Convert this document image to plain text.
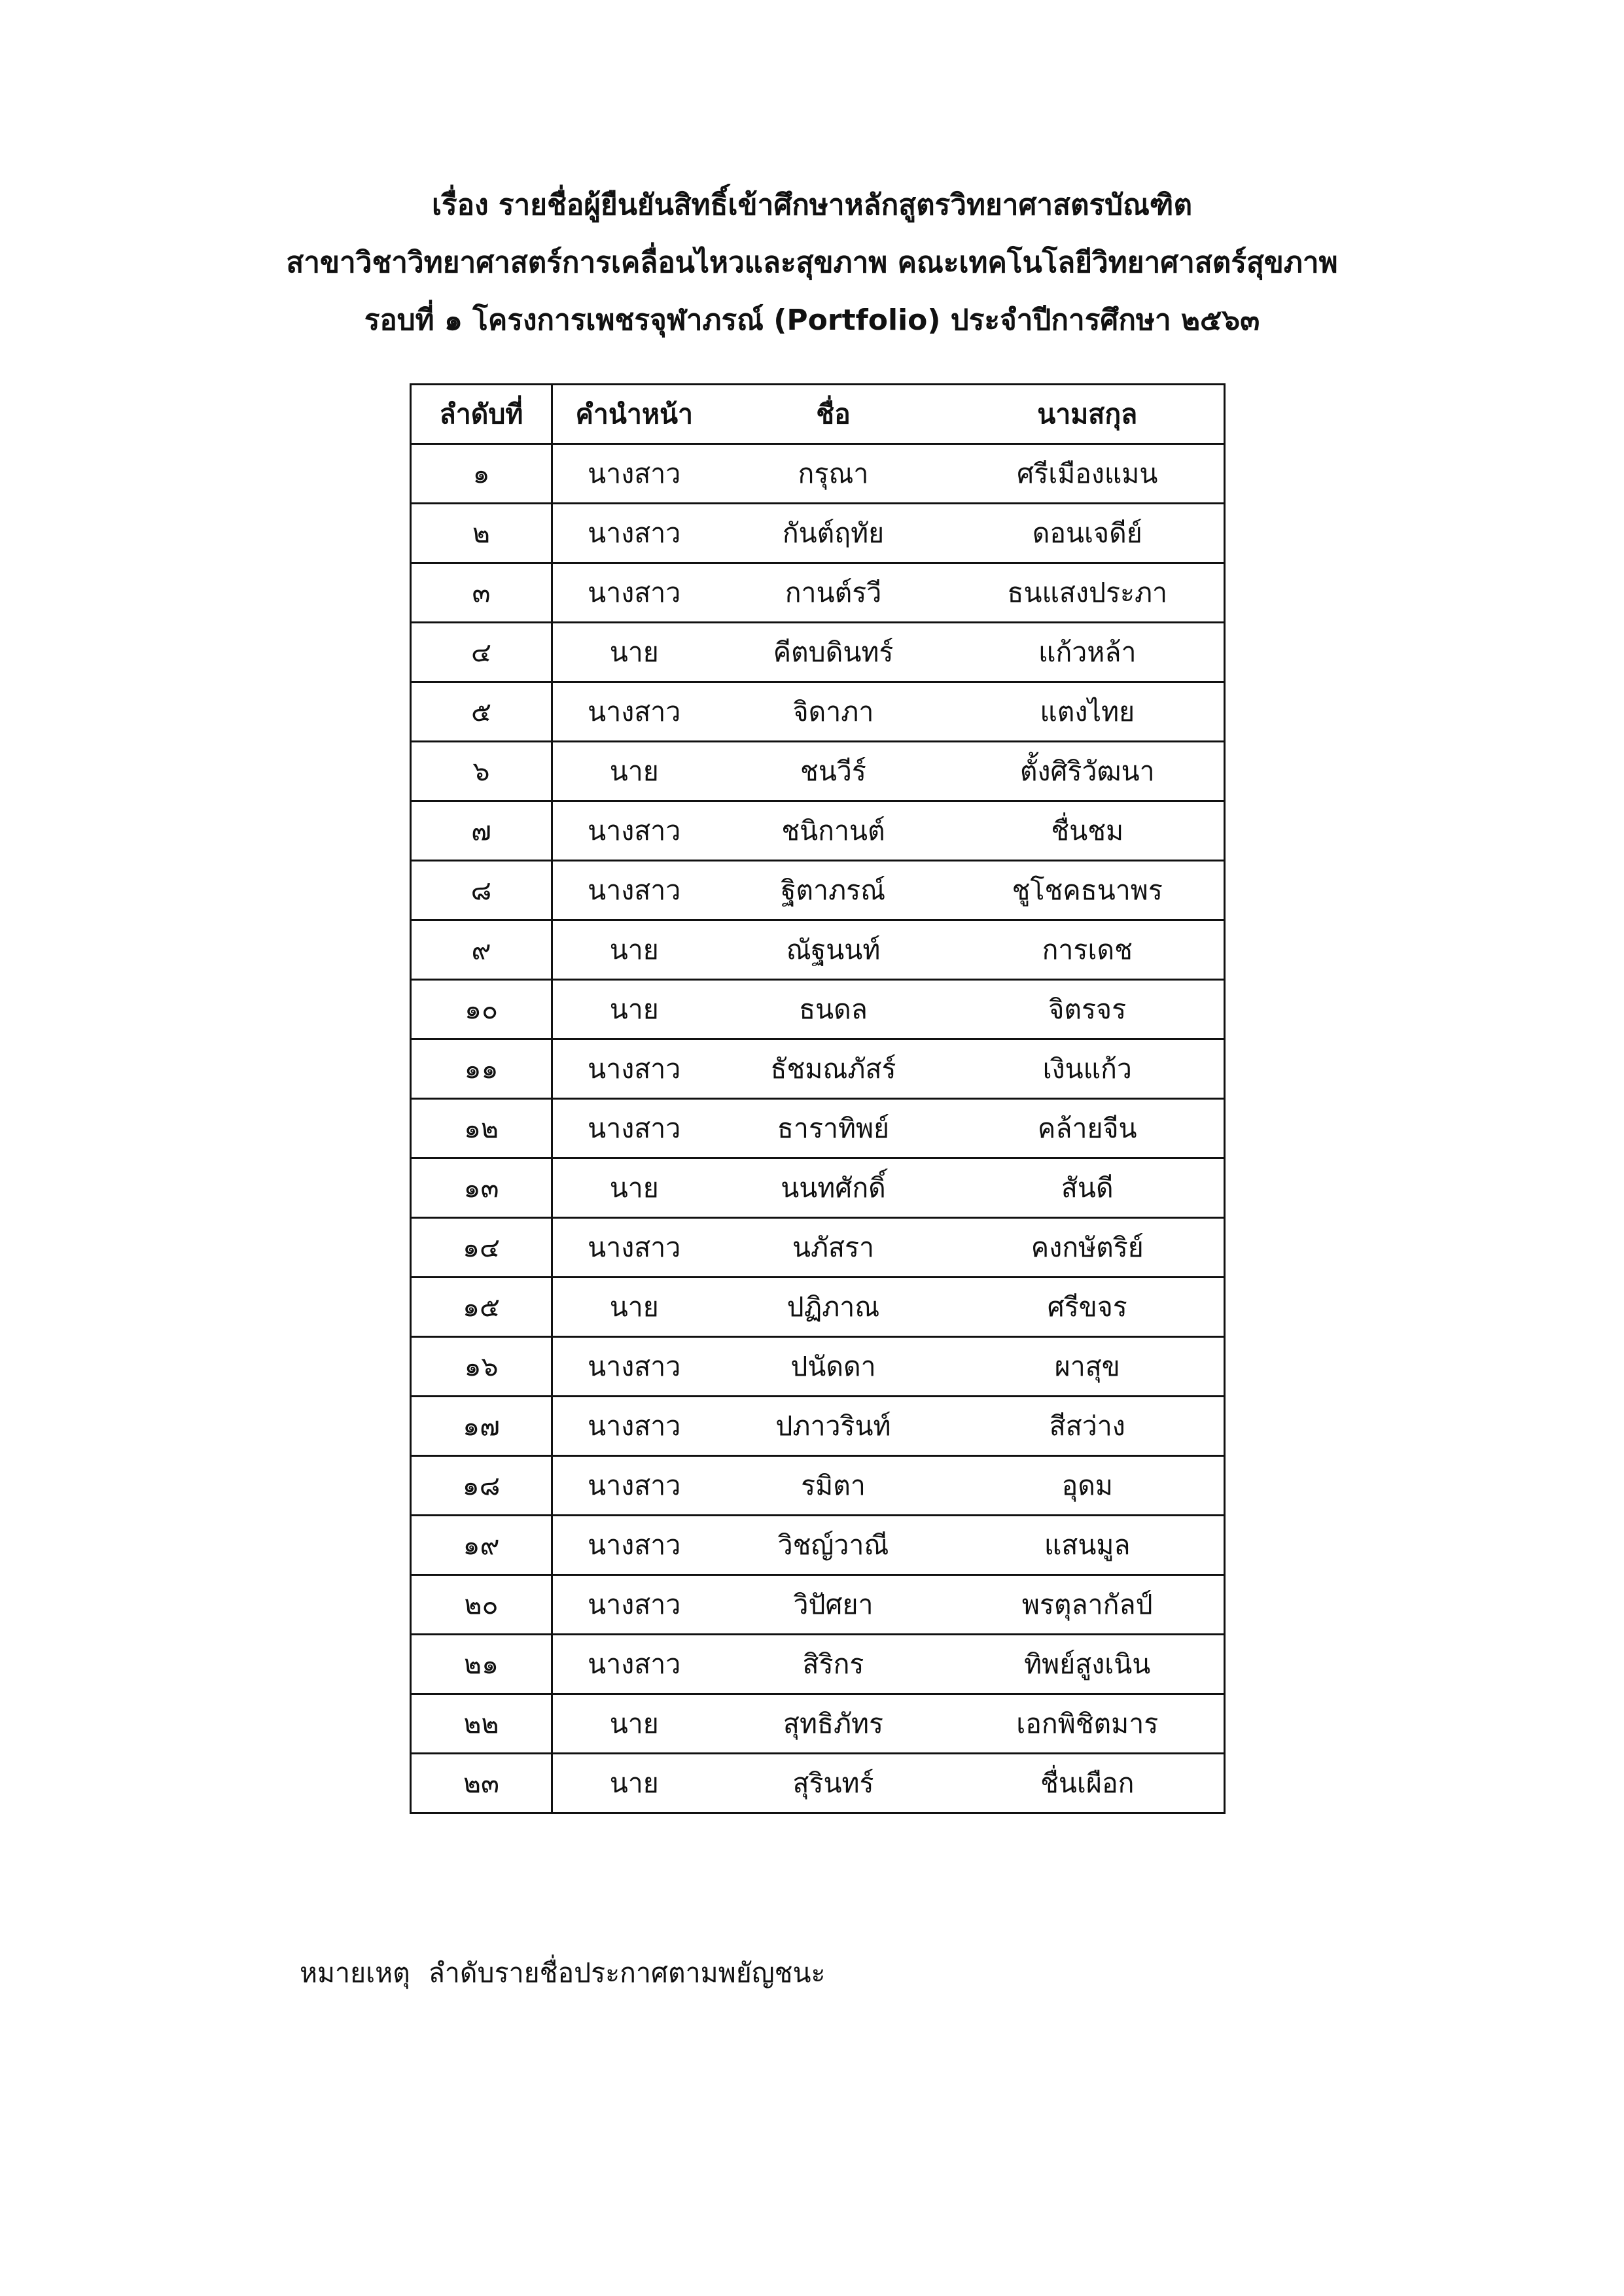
เรื่อง รายชื่อผู้ยืนยันสิทธิ์เข้าศึกษาหลักสูตรวิทยาศาสตรบัณฑิต
สาขาวิชาวิทยาศาสตร์การเคลื่อนไหวและสุขภาพ คณะเทคโนโลยีวิทยาศาสตร์สุขภาพ
รอบที่ ๑ โครงการเพชรจุฬาภรณ์ (Portfolio) ประจำปีการศึกษา ๒๕๖๓
ลำดับที่	คำนำหน้า	ชื่อ	นามสกุล
๑	นางสาว	กรุณา	ศรีเมืองแมน
๒	นางสาว	กันต์ฤทัย	ดอนเจดีย์
๓	นางสาว	กานต์รวี	ธนแสงประภา
๔	นาย	คีตบดินทร์	แก้วหล้า
๕	นางสาว	จิดาภา	แตงไทย
๖	นาย	ชนวีร์	ตั้งศิริวัฒนา
๗	นางสาว	ชนิกานต์	ชื่นชม
๘	นางสาว	ฐิตาภรณ์	ชูโชคธนาพร
๙	นาย	ณัฐนนท์	การเดช
๑๐	นาย	ธนดล	จิตรจร
๑๑	นางสาว	ธัชมณภัสร์	เงินแก้ว
๑๒	นางสาว	ธาราทิพย์	คล้ายจีน
๑๓	นาย	นนทศักดิ์	สันดี
๑๔	นางสาว	นภัสรา	คงกษัตริย์
๑๕	นาย	ปฏิภาณ	ศรีขจร
๑๖	นางสาว	ปนัดดา	ผาสุข
๑๗	นางสาว	ปภาวรินท์	สีสว่าง
๑๘	นางสาว	รมิตา	อุดม
๑๙	นางสาว	วิชญ์วาณี	แสนมูล
๒๐	นางสาว	วิปัศยา	พรตุลากัลป์
๒๑	นางสาว	สิริกร	ทิพย์สูงเนิน
๒๒	นาย	สุทธิภัทร	เอกพิชิตมาร
๒๓	นาย	สุรินทร์	ชื่นเผือก
หมายเหตุ ลำดับรายชื่อประกาศตามพยัญชนะ
